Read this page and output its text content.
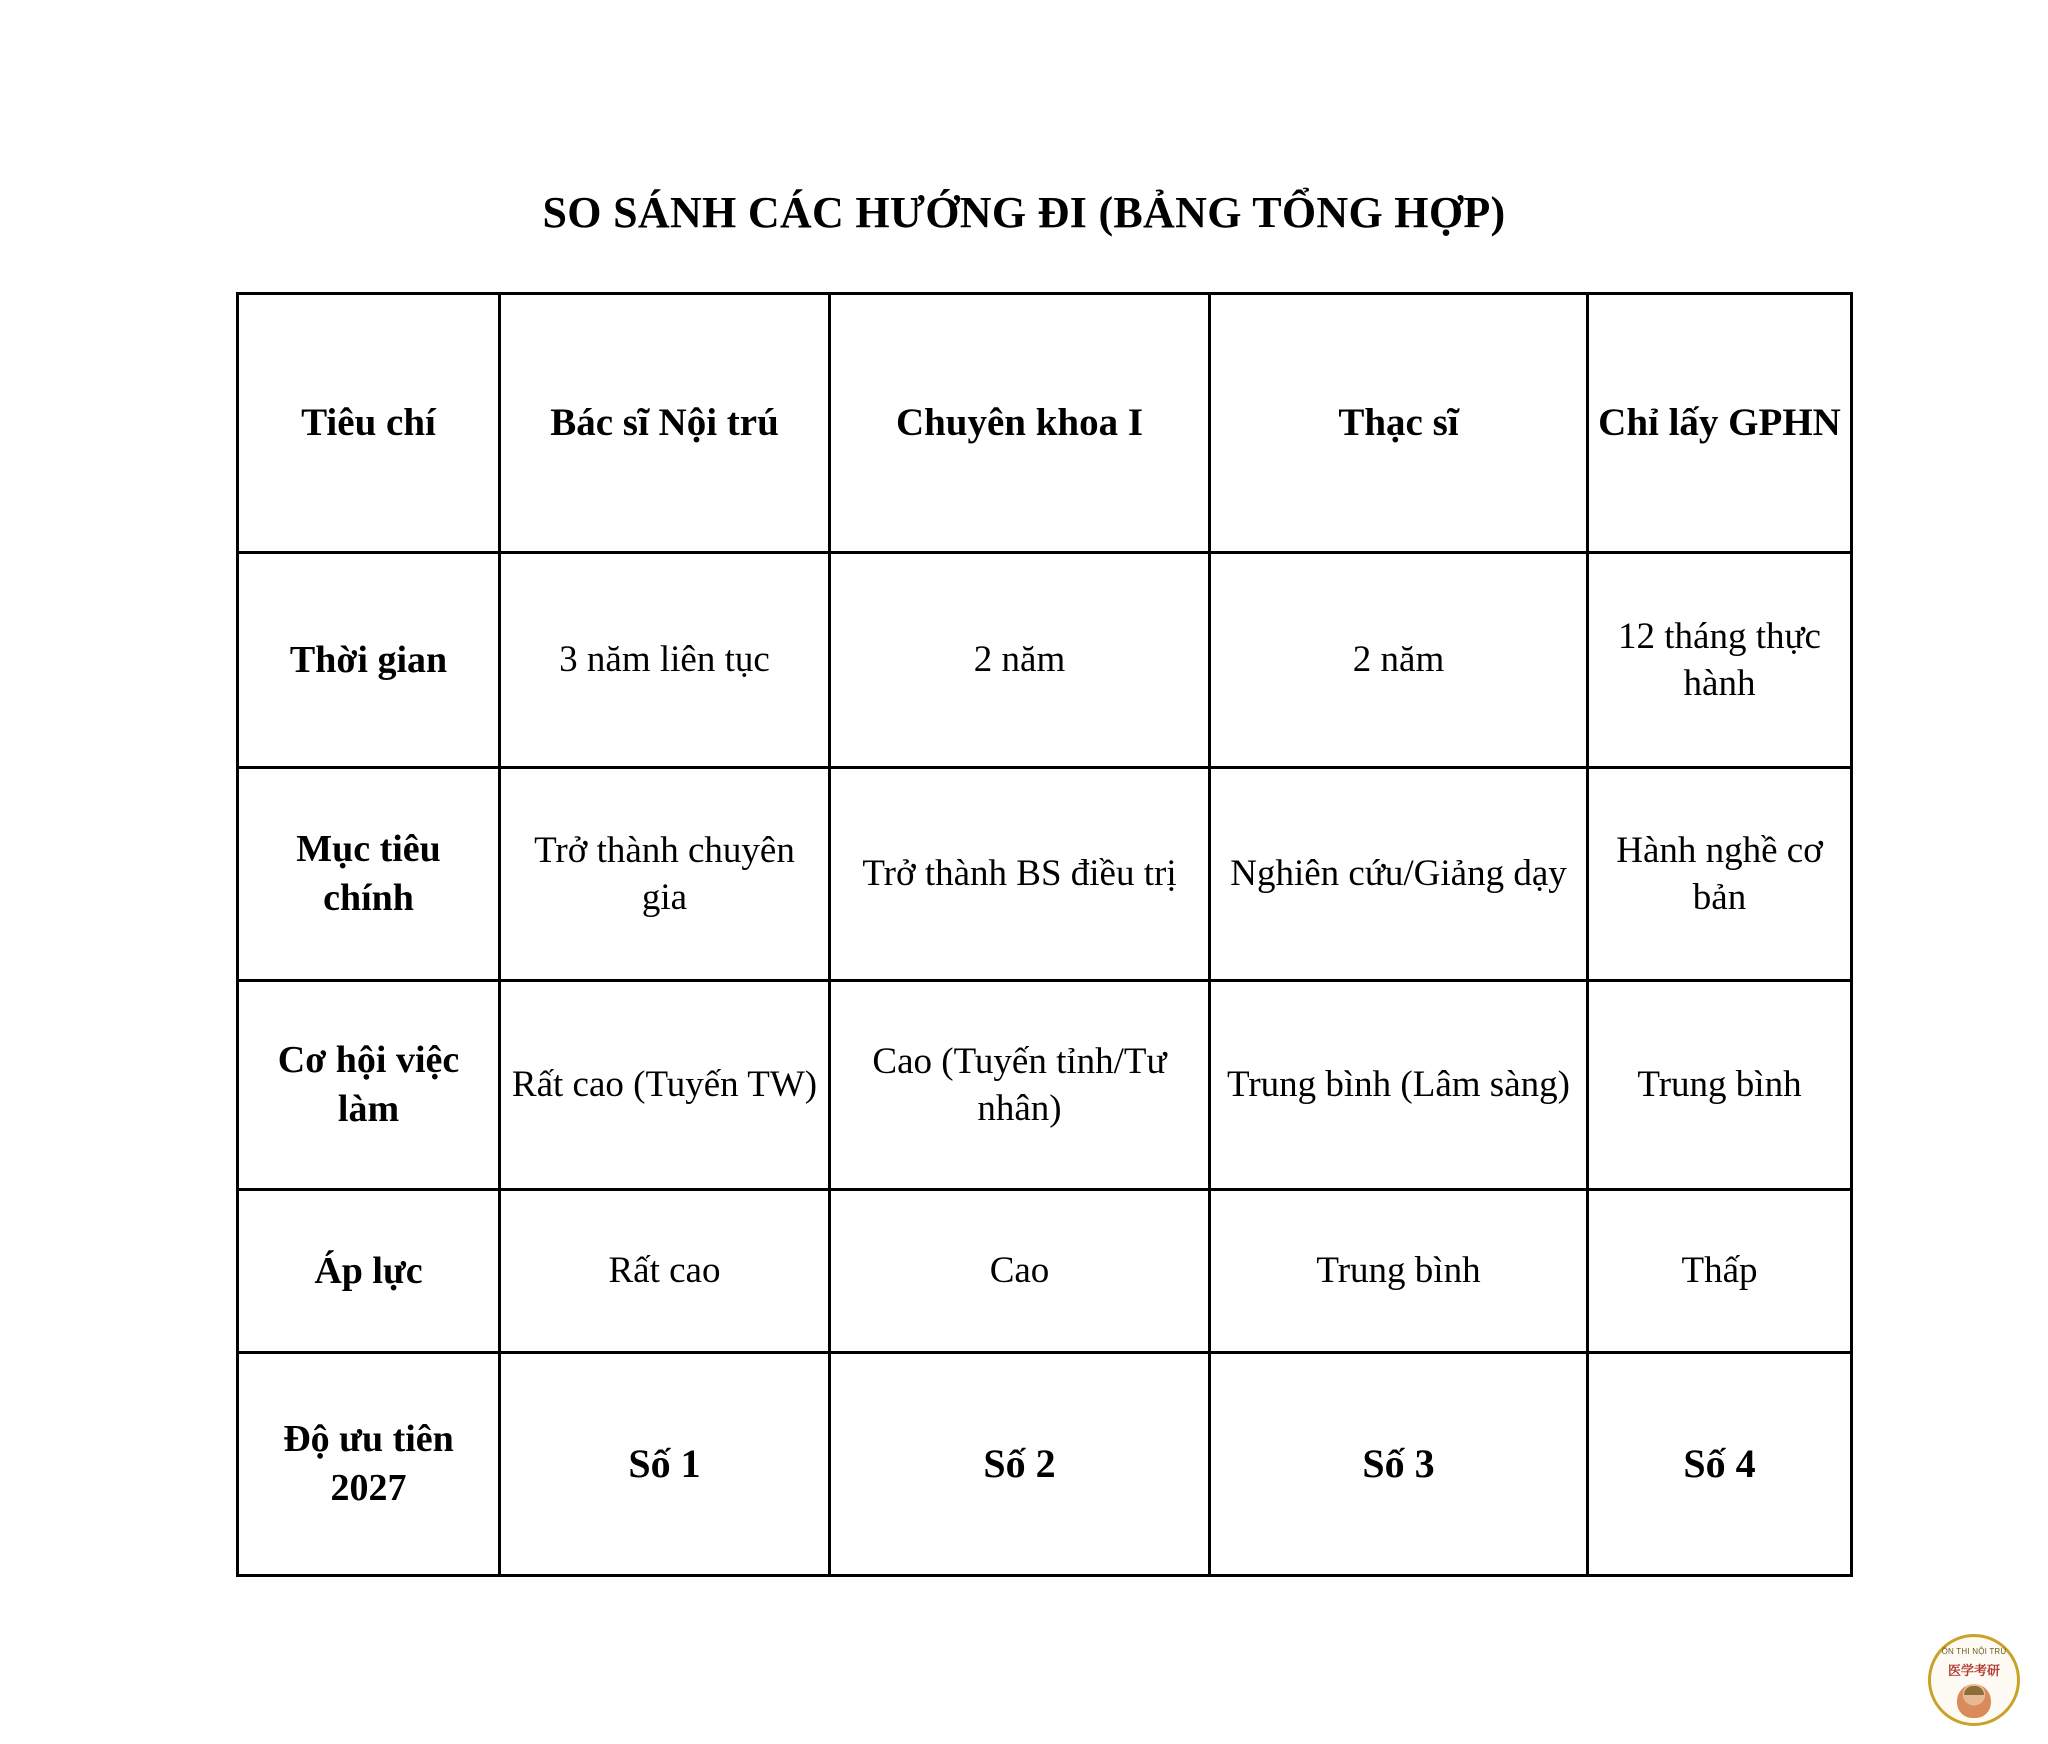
SO SÁNH CÁC HƯỚNG ĐI (BẢNG TỔNG HỢP)
Tiêu chí	Bác sĩ Nội trú	Chuyên khoa I	Thạc sĩ	Chỉ lấy GPHN
Thời gian	3 năm liên tục	2 năm	2 năm	12 tháng thực hành
Mục tiêu chính	Trở thành chuyên gia	Trở thành BS điều trị	Nghiên cứu/Giảng dạy	Hành nghề cơ bản
Cơ hội việc làm	Rất cao (Tuyến TW)	Cao (Tuyến tỉnh/Tư nhân)	Trung bình (Lâm sàng)	Trung bình
Áp lực	Rất cao	Cao	Trung bình	Thấp
Độ ưu tiên 2027	Số 1	Số 2	Số 3	Số 4
ÔN THI NỘI TRÚ
医学考研
